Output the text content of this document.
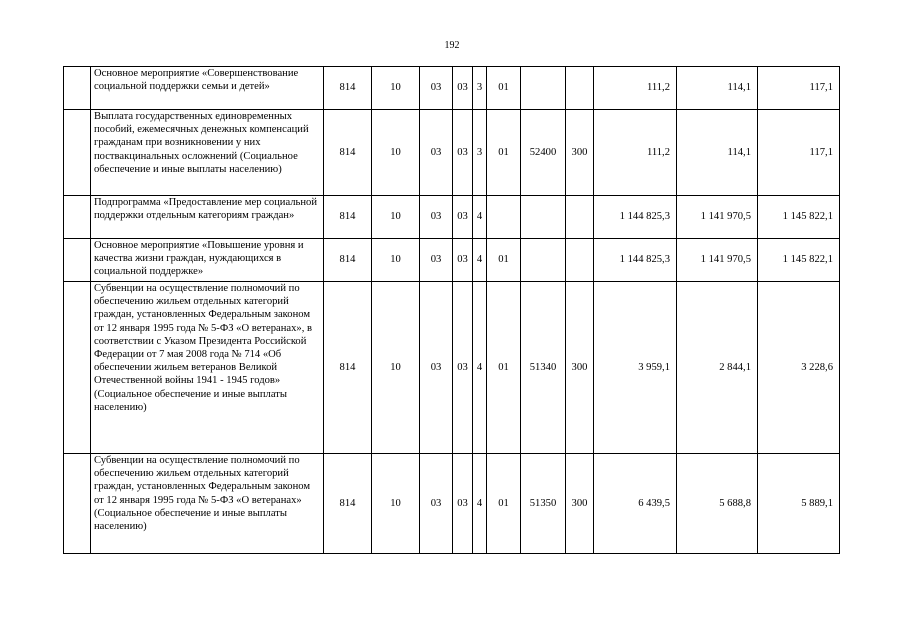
192
	Основное мероприятие «Совершенствование социальной поддержки семьи и детей»	814	10	03	03	3	01			111,2	114,1	117,1
	Выплата государственных единовременных пособий, ежемесячных денежных компенсаций гражданам при возникновении у них поствакцинальных осложнений (Социальное обеспечение и иные выплаты населению)	814	10	03	03	3	01	52400	300	111,2	114,1	117,1
	Подпрограмма «Предоставление мер социальной поддержки отдельным категориям граждан»	814	10	03	03	4				1 144 825,3	1 141 970,5	1 145 822,1
	Основное мероприятие «Повышение уровня и качества жизни граждан, нуждающихся в социальной поддержке»	814	10	03	03	4	01			1 144 825,3	1 141 970,5	1 145 822,1
	Субвенции на осуществление полномочий по обеспечению жильем отдельных категорий граждан, установленных Федеральным законом от 12 января 1995 года № 5-ФЗ «О ветеранах», в соответствии с Указом Президента Российской Федерации от 7 мая 2008 года № 714 «Об обеспечении жильем ветеранов Великой Отечественной войны 1941 - 1945 годов» (Социальное обеспечение и иные выплаты населению)	814	10	03	03	4	01	51340	300	3 959,1	2 844,1	3 228,6
	Субвенции на осуществление полномочий по обеспечению жильем отдельных категорий граждан, установленных Федеральным законом от 12 января 1995 года № 5-ФЗ «О ветеранах» (Социальное обеспечение и иные выплаты населению)	814	10	03	03	4	01	51350	300	6 439,5	5 688,8	5 889,1
